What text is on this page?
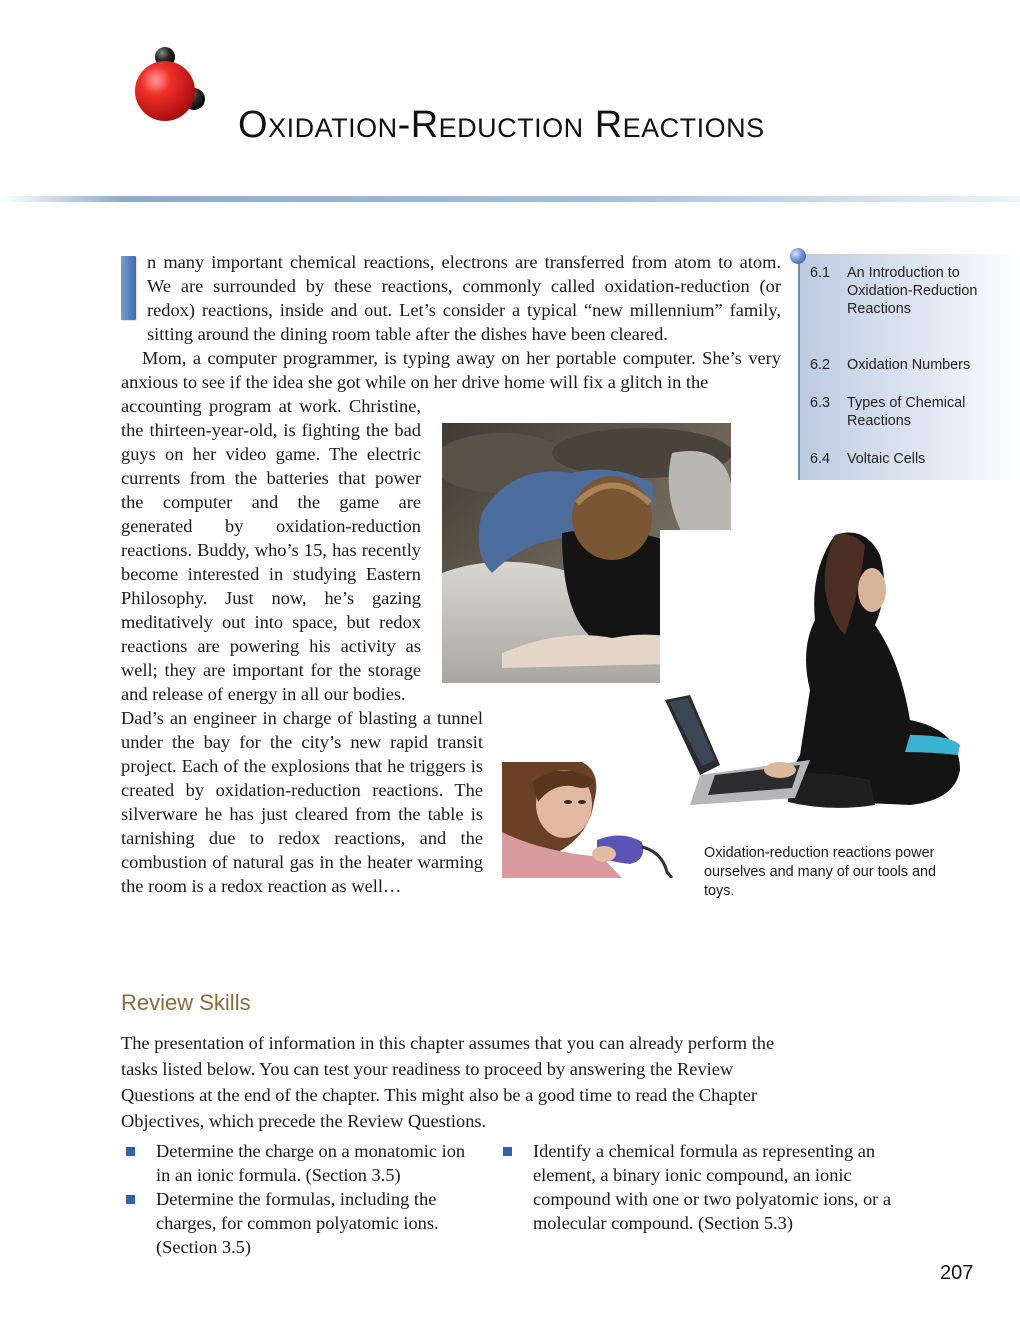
Oxidation-Reduction Reactions

n many important chemical reactions, electrons are transferred from atom to atom. We are surrounded by these reactions, commonly called oxidation-reduction (or redox) reactions, inside and out. Let’s consider a typical “new millennium” family, sitting around the dining room table after the dishes have been cleared.

Mom, a computer programmer, is typing away on her portable computer. She’s very anxious to see if the idea she got while on her drive home will fix a glitch in the

accounting program at work. Christine, the thirteen-year-old, is fighting the bad guys on her video game. The electric currents from the batteries that power the computer and the game are generated by oxidation-reduction reactions. Buddy, who’s 15, has recently become interested in studying Eastern Philosophy. Just now, he’s gazing meditatively out into space, but redox reactions are powering his activity as well; they are important for the storage and release of energy in all our bodies.

Dad’s an engineer in charge of blasting a tunnel under the bay for the city’s new rapid transit project. Each of the explosions that he triggers is created by oxidation-reduction reactions. The silverware he has just cleared from the table is tarnishing due to redox reactions, and the combustion of natural gas in the heater warming the room is a redox reaction as well…

6.1 An Introduction to Oxidation-Reduction Reactions
6.2 Oxidation Numbers
6.3 Types of Chemical Reactions
6.4 Voltaic Cells
Oxidation-reduction reactions power ourselves and many of our tools and toys.
Review Skills

The presentation of information in this chapter assumes that you can already perform the tasks listed below. You can test your readiness to proceed by answering the Review Questions at the end of the chapter. This might also be a good time to read the Chapter Objectives, which precede the Review Questions.

Determine the charge on a monatomic ion in an ionic formula. (Section 3.5)
Determine the formulas, including the charges, for common polyatomic ions. (Section 3.5)
Identify a chemical formula as representing an element, a binary ionic compound, an ionic compound with one or two polyatomic ions, or a molecular compound. (Section 5.3)
207
